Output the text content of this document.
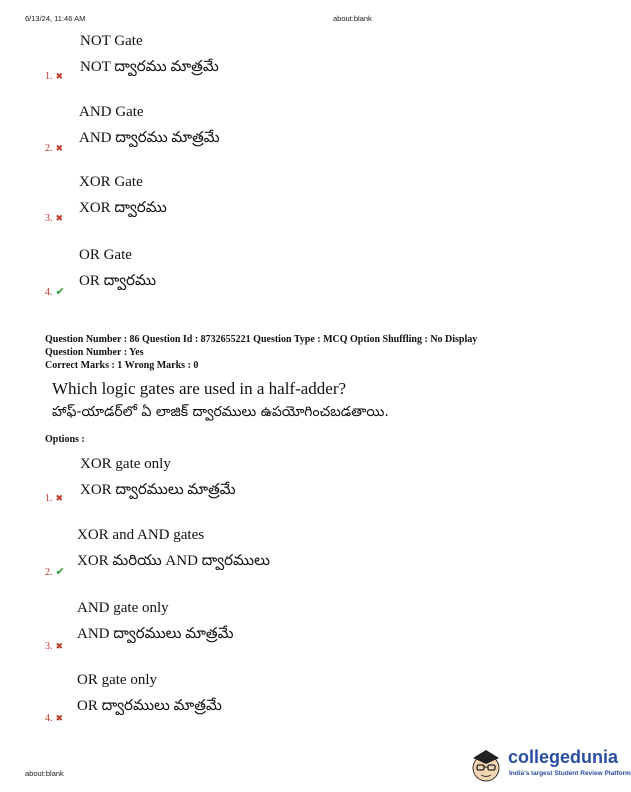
6/13/24, 11:46 AM	about:blank
NOT Gate
NOT ద్వారము మాత్రమే
1. ✖
AND Gate
AND ద్వారము మాత్రమే
2. ✖
XOR Gate
XOR ద్వారము
3. ✖
OR Gate
OR ద్వారము
4. ✔
Question Number : 86 Question Id : 8732655221 Question Type : MCQ Option Shuffling : No Display
Question Number : Yes
Correct Marks : 1 Wrong Marks : 0
Which logic gates are used in a half-adder?
హాఫ్-యాడర్‌లో ఏ లాజిక్ ద్వారములు ఉపయోగించబడతాయి.
Options :
XOR gate only
XOR ద్వారములు మాత్రమే
1. ✖
XOR and AND gates
XOR మరియు AND ద్వారములు
2. ✔
AND gate only
AND ద్వారములు మాత్రమే
3. ✖
OR gate only
OR ద్వారములు మాత్రమే
4. ✖
about:blank
collegedunia
India's largest Student Review Platform
